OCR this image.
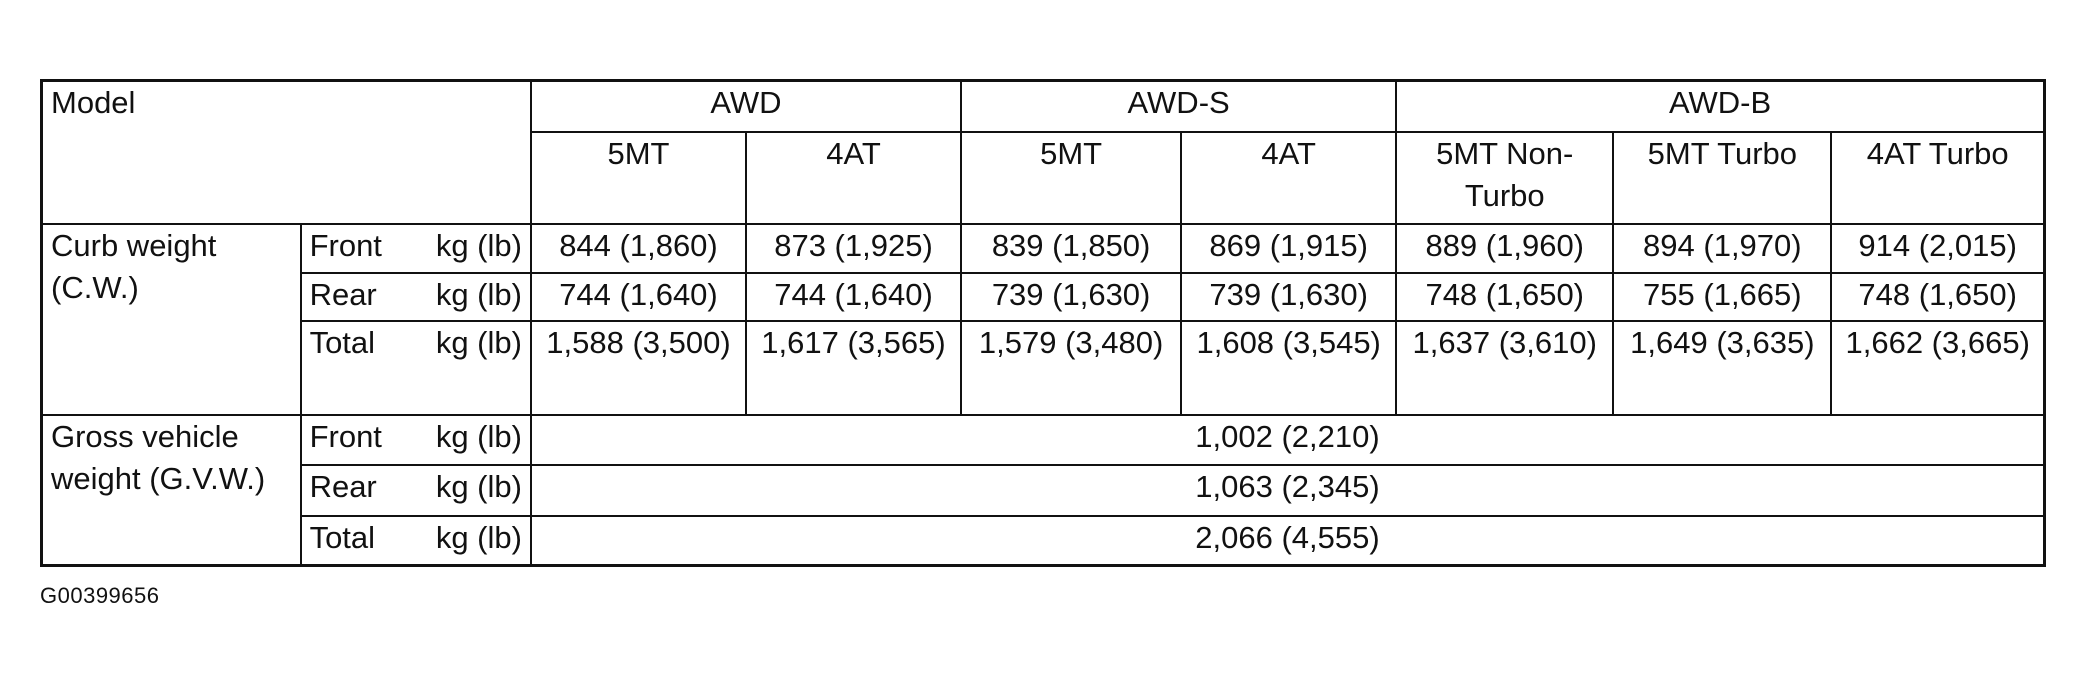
Model			AWD		AWD-S		AWD-B		
			5MT	4AT	5MT	4AT	5MT Non-Turbo	5MT Turbo	4AT Turbo
Curb weight (C.W.)	Front	kg (lb)	844 (1,860)	873 (1,925)	839 (1,850)	869 (1,915)	889 (1,960)	894 (1,970)	914 (2,015)
	Rear	kg (lb)	744 (1,640)	744 (1,640)	739 (1,630)	739 (1,630)	748 (1,650)	755 (1,665)	748 (1,650)
	Total	kg (lb)	1,588 (3,500)	1,617 (3,565)	1,579 (3,480)	1,608 (3,545)	1,637 (3,610)	1,649 (3,635)	1,662 (3,665)
Gross vehicle weight (G.V.W.)	Front	kg (lb)	1,002 (2,210)						
	Rear	kg (lb)	1,063 (2,345)						
	Total	kg (lb)	2,066 (4,555)						
G00399656
